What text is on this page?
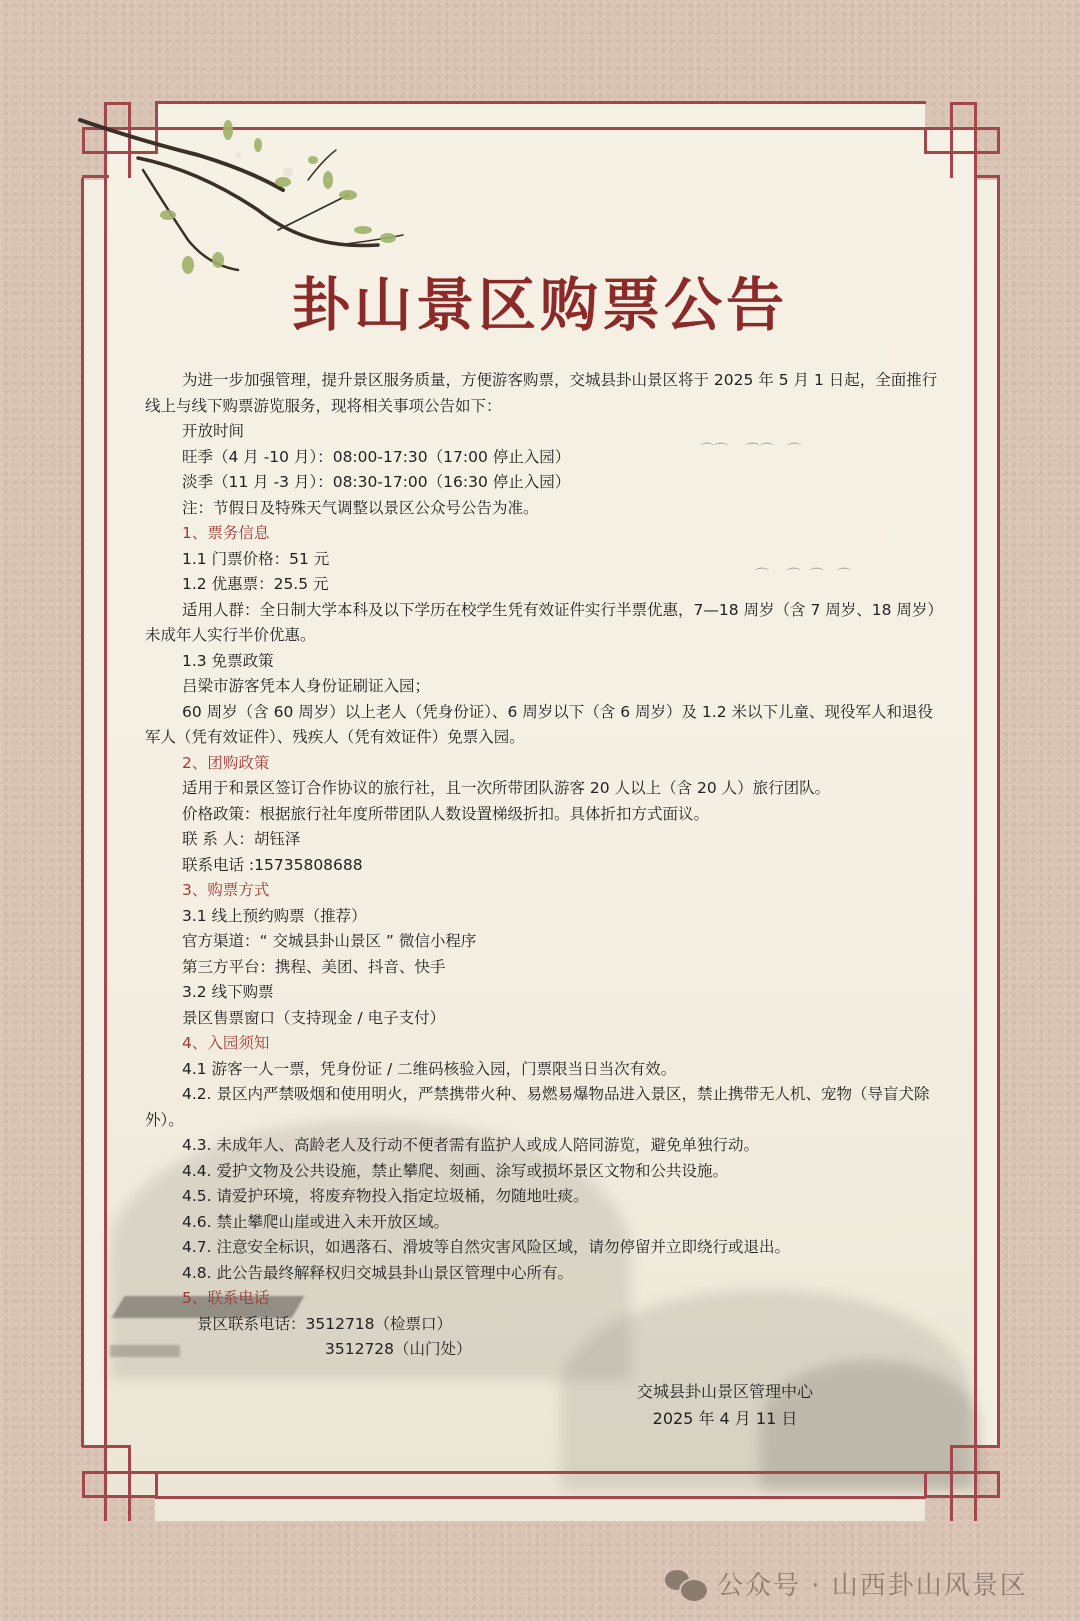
⌒⌒    ⌒⌒   ⌒
⌒    ⌒  ⌒   ⌒
卦山景区购票公告

为进一步加强管理，提升景区服务质量，方便游客购票，交城县卦山景区将于 2025 年 5 月 1 日起，全面推行线上与线下购票游览服务，现将相关事项公告如下：

开放时间

旺季（4 月 -10 月）：08:00-17:30（17:00 停止入园）

淡季（11 月 -3 月）：08:30-17:00（16:30 停止入园）

注：节假日及特殊天气调整以景区公众号公告为准。

1、票务信息

1.1 门票价格：51 元

1.2 优惠票：25.5 元

适用人群：全日制大学本科及以下学历在校学生凭有效证件实行半票优惠，7—18 周岁（含 7 周岁、18 周岁）未成年人实行半价优惠。

1.3 免票政策

吕梁市游客凭本人身份证刷证入园；

60 周岁（含 60 周岁）以上老人（凭身份证）、6 周岁以下（含 6 周岁）及 1.2 米以下儿童、现役军人和退役军人（凭有效证件）、残疾人（凭有效证件）免票入园。

2、团购政策

适用于和景区签订合作协议的旅行社，且一次所带团队游客 20 人以上（含 20 人）旅行团队。

价格政策：根据旅行社年度所带团队人数设置梯级折扣。具体折扣方式面议。

联 系 人：胡钰泽

联系电话 :15735808688

3、购票方式

3.1 线上预约购票（推荐）

官方渠道：“ 交城县卦山景区 ” 微信小程序

第三方平台：携程、美团、抖音、快手

3.2 线下购票

景区售票窗口（支持现金 / 电子支付）

4、入园须知

4.1 游客一人一票，凭身份证 / 二维码核验入园，门票限当日当次有效。

4.2. 景区内严禁吸烟和使用明火，严禁携带火种、易燃易爆物品进入景区，禁止携带无人机、宠物（导盲犬除外）。

4.3. 未成年人、高龄老人及行动不便者需有监护人或成人陪同游览，避免单独行动。

4.4. 爱护文物及公共设施，禁止攀爬、刻画、涂写或损坏景区文物和公共设施。

4.5. 请爱护环境，将废弃物投入指定垃圾桶，勿随地吐痰。

4.6. 禁止攀爬山崖或进入未开放区域。

4.7. 注意安全标识，如遇落石、滑坡等自然灾害风险区域，请勿停留并立即绕行或退出。

4.8. 此公告最终解释权归交城县卦山景区管理中心所有。

5、联系电话

景区联系电话：3512718（检票口）

3512728（山门处）

交城县卦山景区管理中心
2025 年 4 月 11 日
公众号 · 山西卦山风景区
